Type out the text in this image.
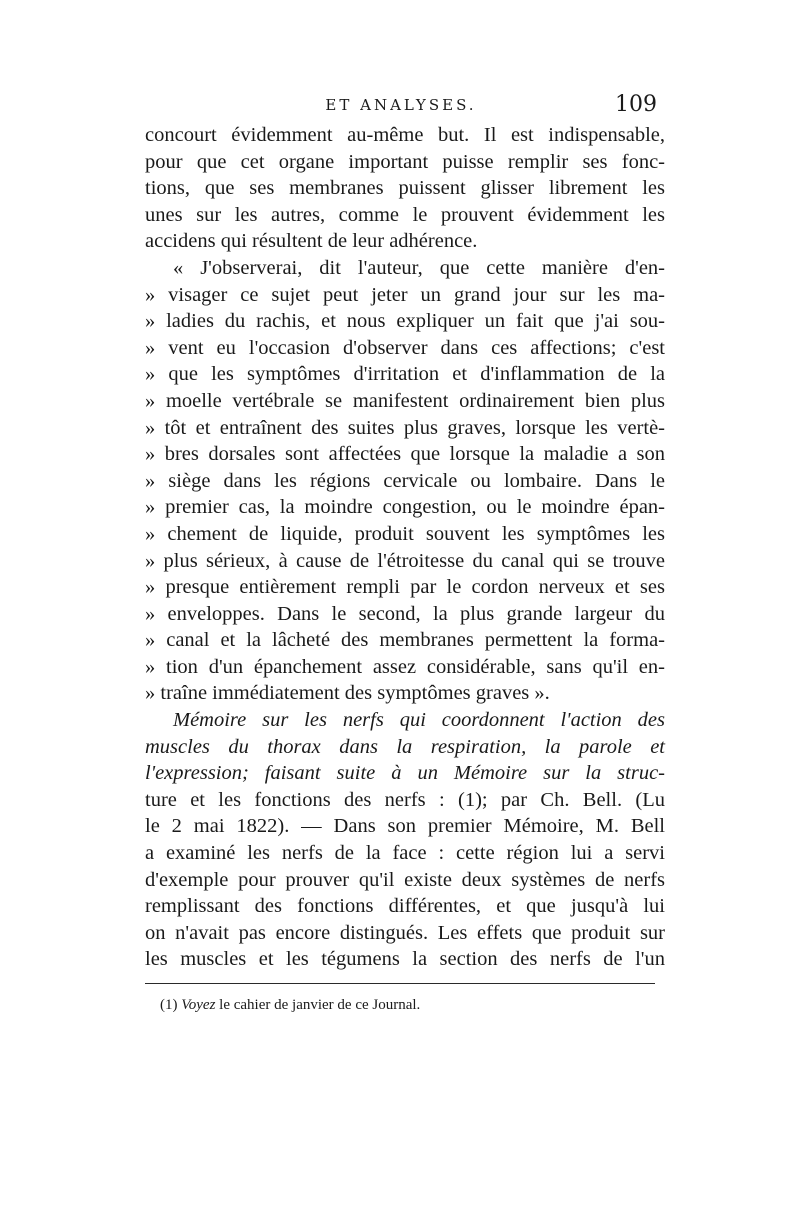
ET ANALYSES.	109
concourt évidemment au-même but. Il est indispensable,
pour que cet organe important puisse remplir ses fonc-
tions, que ses membranes puissent glisser librement les
unes sur les autres, comme le prouvent évidemment les
accidens qui résultent de leur adhérence.
« J'observerai, dit l'auteur, que cette manière d'en-
» visager ce sujet peut jeter un grand jour sur les ma-
» ladies du rachis, et nous expliquer un fait que j'ai sou-
» vent eu l'occasion d'observer dans ces affections; c'est
» que les symptômes d'irritation et d'inflammation de la
» moelle vertébrale se manifestent ordinairement bien plus
» tôt et entraînent des suites plus graves, lorsque les vertè-
» bres dorsales sont affectées que lorsque la maladie a son
» siège dans les régions cervicale ou lombaire. Dans le
» premier cas, la moindre congestion, ou le moindre épan-
» chement de liquide, produit souvent les symptômes les
» plus sérieux, à cause de l'étroitesse du canal qui se trouve
» presque entièrement rempli par le cordon nerveux et ses
» enveloppes. Dans le second, la plus grande largeur du
» canal et la lâcheté des membranes permettent la forma-
» tion d'un épanchement assez considérable, sans qu'il en-
» traîne immédiatement des symptômes graves ».
Mémoire sur les nerfs qui coordonnent l'action des
muscles du thorax dans la respiration, la parole et
l'expression; faisant suite à un Mémoire sur la struc-
ture et les fonctions des nerfs : (1); par Ch. Bell. (Lu
le 2 mai 1822). — Dans son premier Mémoire, M. Bell
a examiné les nerfs de la face : cette région lui a servi
d'exemple pour prouver qu'il existe deux systèmes de nerfs
remplissant des fonctions différentes, et que jusqu'à lui
on n'avait pas encore distingués. Les effets que produit sur
les muscles et les tégumens la section des nerfs de l'un
(1) Voyez le cahier de janvier de ce Journal.
